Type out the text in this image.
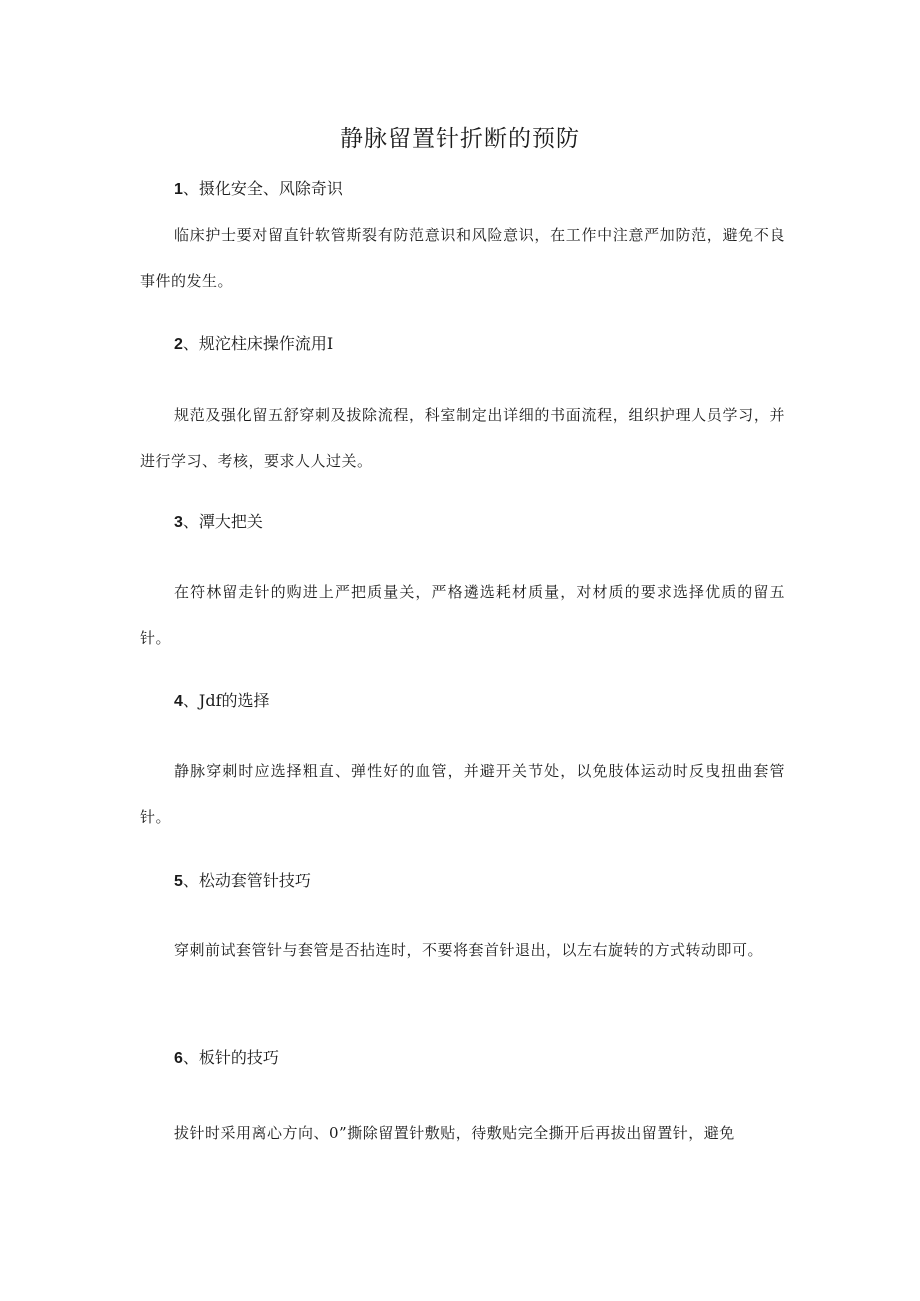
静脉留置针折断的预防
1、摄化安全、风除奇识
临床护士要对留直针软管斯裂有防范意识和风险意识，在工作中注意严加防范，避免不良事件的发生。
2、规沱柱床操作流用I
规范及强化留五舒穿刺及拔除流程，科室制定出详细的书面流程，组织护理人员学习，并进行学习、考核，要求人人过关。
3、潭大把关
在符林留走针的购进上严把质量关，严格遴选耗材质量，对材质的要求选择优质的留五针。
4、Jdf的选择
静脉穿刺时应选择粗直、弹性好的血管，并避开关节处，以免肢体运动时反曳扭曲套管针。
5、松动套管针技巧
穿刺前试套管针与套管是否拈连时，不要将套首针退出，以左右旋转的方式转动即可。
6、板针的技巧
拔针时采用离心方向、0”撕除留置针敷贴，待敷贴完全撕开后再拔出留置针，避免
